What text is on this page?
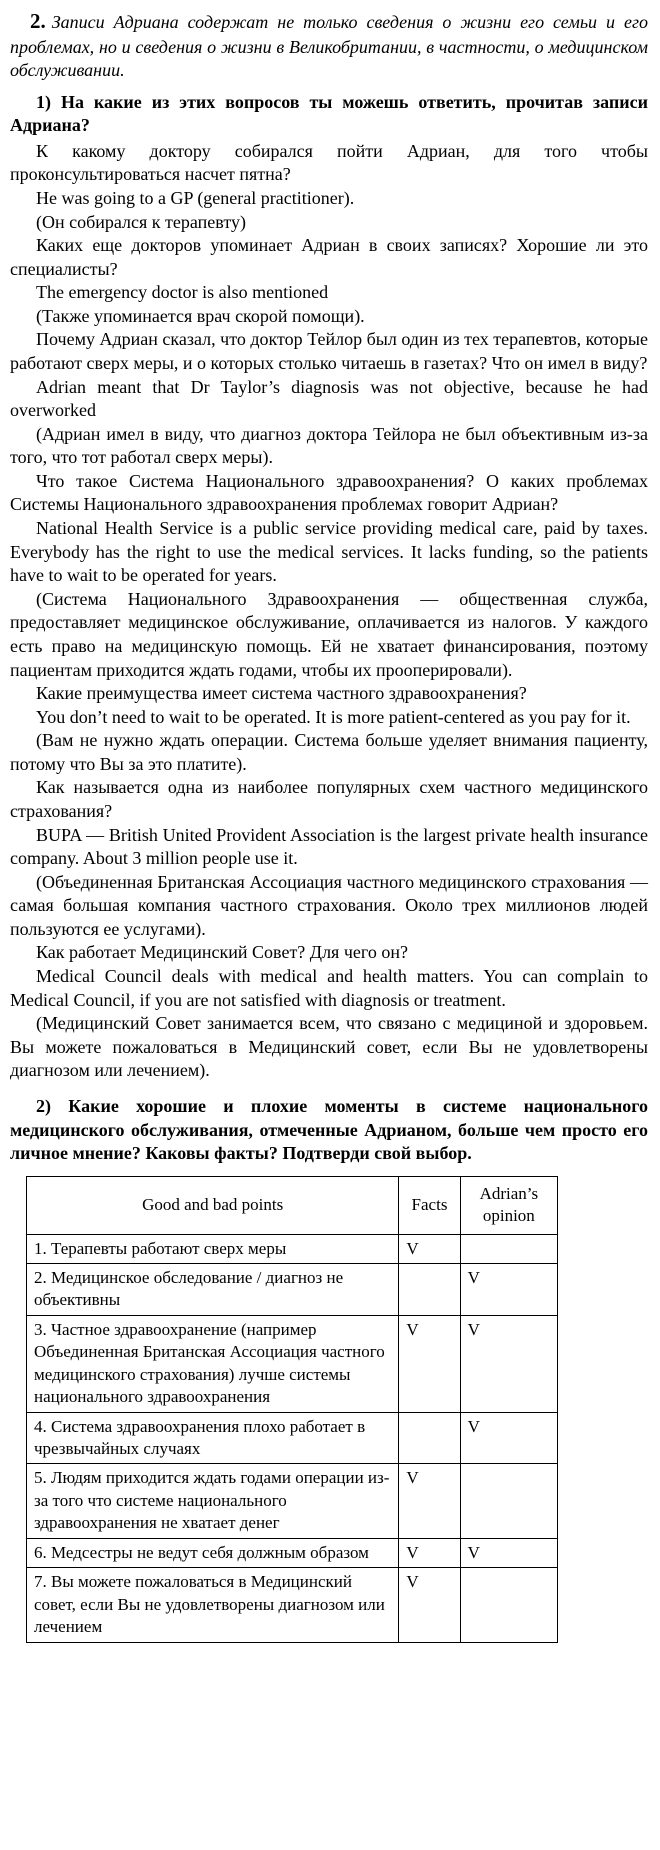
2. Записи Адриана содержат не только сведения о жизни его семьи и его проблемах, но и сведения о жизни в Великобритании, в частности, о медицинском обслуживании.

1) На какие из этих вопросов ты можешь ответить, прочитав записи Адриана?

К какому доктору собирался пойти Адриан, для того чтобы проконсультироваться насчет пятна?

He was going to a GP (general practitioner).

(Он собирался к терапевту)

Каких еще докторов упоминает Адриан в своих записях? Хорошие ли это специалисты?

The emergency doctor is also mentioned

(Также упоминается врач скорой помощи).

Почему Адриан сказал, что доктор Тейлор был один из тех терапевтов, которые работают сверх меры, и о которых столько читаешь в газетах? Что он имел в виду?

Adrian meant that Dr Taylor’s diagnosis was not objective, because he had overworked

(Адриан имел в виду, что диагноз доктора Тейлора не был объективным из-за того, что тот работал сверх меры).

Что такое Система Национального здравоохранения? О каких проблемах Системы Национального здравоохранения проблемах говорит Адриан?

National Health Service is a public service providing medical care, paid by taxes. Everybody has the right to use the medical services. It lacks funding, so the patients have to wait to be operated for years.

(Система Национального Здравоохранения — общественная служба, предоставляет медицинское обслуживание, оплачивается из налогов. У каждого есть право на медицинскую помощь. Ей не хватает финансирования, поэтому пациентам приходится ждать годами, чтобы их прооперировали).

Какие преимущества имеет система частного здравоохранения?

You don’t need to wait to be operated. It is more patient-centered as you pay for it.

(Вам не нужно ждать операции. Система больше уделяет внимания пациенту, потому что Вы за это платите).

Как называется одна из наиболее популярных схем частного медицинского страхования?

BUPA — British United Provident Association is the largest private health insurance company. About 3 million people use it.

(Объединенная Британская Ассоциация частного медицинского страхования — самая большая компания частного страхования. Около трех миллионов людей пользуются ее услугами).

Как работает Медицинский Совет? Для чего он?

Medical Council deals with medical and health matters. You can complain to Medical Council, if you are not satisfied with diagnosis or treatment.

(Медицинский Совет занимается всем, что связано с медициной и здоровьем. Вы можете пожаловаться в Медицинский совет, если Вы не удовлетворены диагнозом или лечением).

2) Какие хорошие и плохие моменты в системе национального медицинского обслуживания, отмеченные Адрианом, больше чем просто его личное мнение? Каковы факты? Подтверди свой выбор.

Good and bad points	Facts	Adrian’s opinion
1. Терапевты работают сверх меры	V	
2. Медицинское обследование / диагноз не объективны		V
3. Частное здравоохранение (например Объединенная Британская Ассоциация частного медицинского страхования) лучше системы национального здравоохранения	V	V
4. Система здравоохранения плохо работает в чрезвычайных случаях		V
5. Людям приходится ждать годами операции из-за того что системе национального здравоохранения не хватает денег	V	
6. Медсестры не ведут себя должным образом	V	V
7. Вы можете пожаловаться в Медицинский совет, если Вы не удовлетворены диагнозом или лечением	V	
